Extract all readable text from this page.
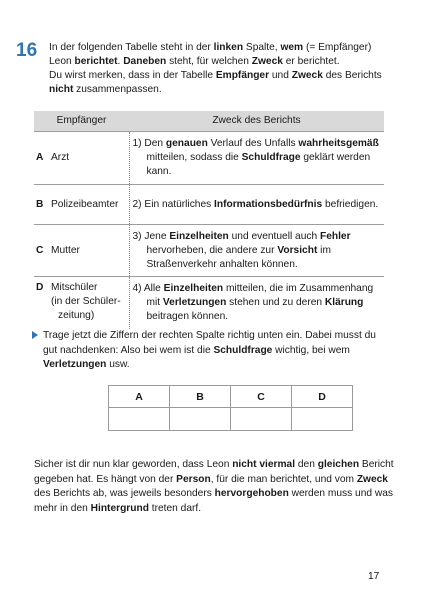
16 In der folgenden Tabelle steht in der linken Spalte, wem (= Empfänger)

Leon berichtet. Daneben steht, für welchen Zweck er berichtet.

Du wirst merken, dass in der Tabelle Empfänger und Zweck des Berichts

nicht zusammenpassen.

Empfänger	Zweck des Berichts
A Arzt	1) Den genauen Verlauf des Unfalls wahrheitsgemäß mitteilen, sodass die Schuldfrage geklärt werden kann.

B Polizeibeamter	2) Ein natürliches Informationsbedürfnis befriedigen.

C Mutter	3) Jene Einzelheiten und eventuell auch Fehler hervorheben, die andere zur Vorsicht im Straßenverkehr anhalten können.

D Mitschüler
(in der Schüler-
zeitung)	4) Alle Einzelheiten mitteilen, die im Zusammenhang mit Verletzungen stehen und zu deren Klärung beitragen können.
Trage jetzt die Ziffern der rechten Spalte richtig unten ein. Dabei musst du gut nachdenken: Also bei wem ist die Schuldfrage wichtig, bei wem Verletzungen usw.
A	B	C	D

Sicher ist dir nun klar geworden, dass Leon nicht viermal den gleichen Bericht gegeben hat. Es hängt von der Person, für die man berichtet, und vom Zweck des Berichts ab, was jeweils besonders hervorgehoben werden muss und was mehr in den Hintergrund treten darf.
17
